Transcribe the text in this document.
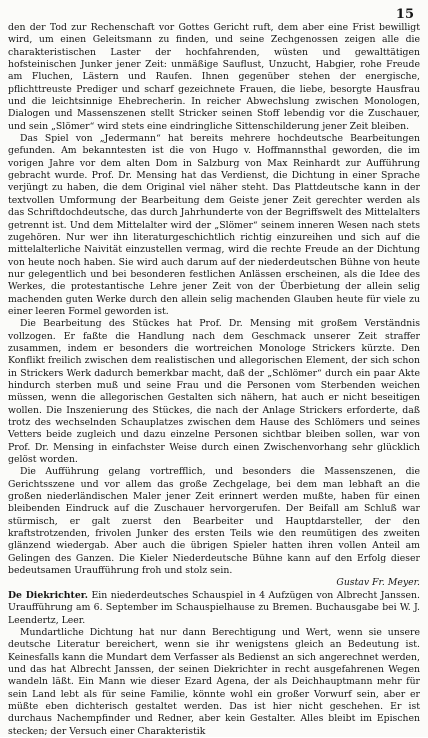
15

den der Tod zur Rechenschaft vor Gottes Gericht ruft, dem aber eine Frist bewilligt wird, um einen Geleitsmann zu finden, und seine Zechgenossen zeigen alle die charakteristischen Laster der hochfahrenden, wüsten und gewalttätigen hofsteinischen Junker jener Zeit: unmäßige Sauflust, Unzucht, Habgier, rohe Freude am Fluchen, Lästern und Raufen. Ihnen gegenüber stehen der energische, pflichttreuste Prediger und scharf gezeichnete Frauen, die liebe, besorgte Hausfrau und die leichtsinnige Ehebrecherin. In reicher Abwechslung zwischen Monologen, Dialogen und Massenszenen stellt Stricker seinen Stoff lebendig vor die Zuschauer, und sein „Slömer“ wird stets eine eindringliche Sittenschilderung jener Zeit bleiben.

Das Spiel von „Jedermann“ hat bereits mehrere hochdeutsche Bearbeitungen gefunden. Am bekanntesten ist die von Hugo v. Hoffmannsthal geworden, die im vorigen Jahre vor dem alten Dom in Salzburg von Max Reinhardt zur Aufführung gebracht wurde. Prof. Dr. Mensing hat das Verdienst, die Dichtung in einer Sprache verjüngt zu haben, die dem Original viel näher steht. Das Plattdeutsche kann in der textvollen Umformung der Bearbeitung dem Geiste jener Zeit gerechter werden als das Schriftdochdeutsche, das durch Jahrhunderte von der Begriffswelt des Mittelalters getrennt ist. Und dem Mittelalter wird der „Slömer“ seinem inneren Wesen nach stets zugehören. Nur wer ihn literaturgeschichtlich richtig einzureihen und sich auf die mittelalterliche Naivität einzustellen vermag, wird die rechte Freude an der Dichtung von heute noch haben. Sie wird auch darum auf der niederdeutschen Bühne von heute nur gelegentlich und bei besonderen festlichen Anlässen erscheinen, als die Idee des Werkes, die protestantische Lehre jener Zeit von der Überbietung der allein selig machenden guten Werke durch den allein selig machenden Glauben heute für viele zu einer leeren Formel geworden ist.

Die Bearbeitung des Stückes hat Prof. Dr. Mensing mit großem Verständnis vollzogen. Er faßte die Handlung nach dem Geschmack unserer Zeit straffer zusammen, indem er besonders die wortreichen Monologe Strickers kürzte. Den Konflikt freilich zwischen dem realistischen und allegorischen Element, der sich schon in Strickers Werk dadurch bemerkbar macht, daß der „Schlömer“ durch ein paar Akte hindurch sterben muß und seine Frau und die Personen vom Sterbenden weichen müssen, wenn die allegorischen Gestalten sich nähern, hat auch er nicht beseitigen wollen. Die Inszenierung des Stückes, die nach der Anlage Strickers erforderte, daß trotz des wechselnden Schauplatzes zwischen dem Hause des Schlömers und seines Vetters beide zugleich und dazu einzelne Personen sichtbar bleiben sollen, war von Prof. Dr. Mensing in einfachster Weise durch einen Zwischenvorhang sehr glücklich gelöst worden.

Die Aufführung gelang vortrefflich, und besonders die Massenszenen, die Gerichtsszene und vor allem das große Zechgelage, bei dem man lebhaft an die großen niederländischen Maler jener Zeit erinnert werden mußte, haben für einen bleibenden Eindruck auf die Zuschauer hervorgerufen. Der Beifall am Schluß war stürmisch, er galt zuerst den Bearbeiter und Hauptdarsteller, der den kraftstrotzenden, frivolen Junker des ersten Teils wie den reumütigen des zweiten glänzend wiedergab. Aber auch die übrigen Spieler hatten ihren vollen Anteil am Gelingen des Ganzen. Die Kieler Niederdeutsche Bühne kann auf den Erfolg dieser bedeutsamen Uraufführung froh und stolz sein.

Gustav Fr. Meyer.

De Diekrichter. Ein niederdeutsches Schauspiel in 4 Aufzügen von Albrecht Janssen. Uraufführung am 6. September im Schauspielhause zu Bremen. Buchausgabe bei W. J. Leendertz, Leer.

Mundartliche Dichtung hat nur dann Berechtigung und Wert, wenn sie unsere deutsche Literatur bereichert, wenn sie ihr wenigstens gleich an Bedeutung ist. Keinesfalls kann die Mundart dem Verfasser als Bedienst an sich angerechnet werden, und das hat Albrecht Janssen, der seinen Diekrichter in recht ausgefahrenen Wegen wandeln läßt. Ein Mann wie dieser Ezard Agena, der als Deichhauptmann mehr für sein Land lebt als für seine Familie, könnte wohl ein großer Vorwurf sein, aber er müßte eben dichterisch gestaltet werden. Das ist hier nicht geschehen. Er ist durchaus Nachempfinder und Redner, aber kein Gestalter. Alles bleibt im Epischen stecken; der Versuch einer Charakteristik
